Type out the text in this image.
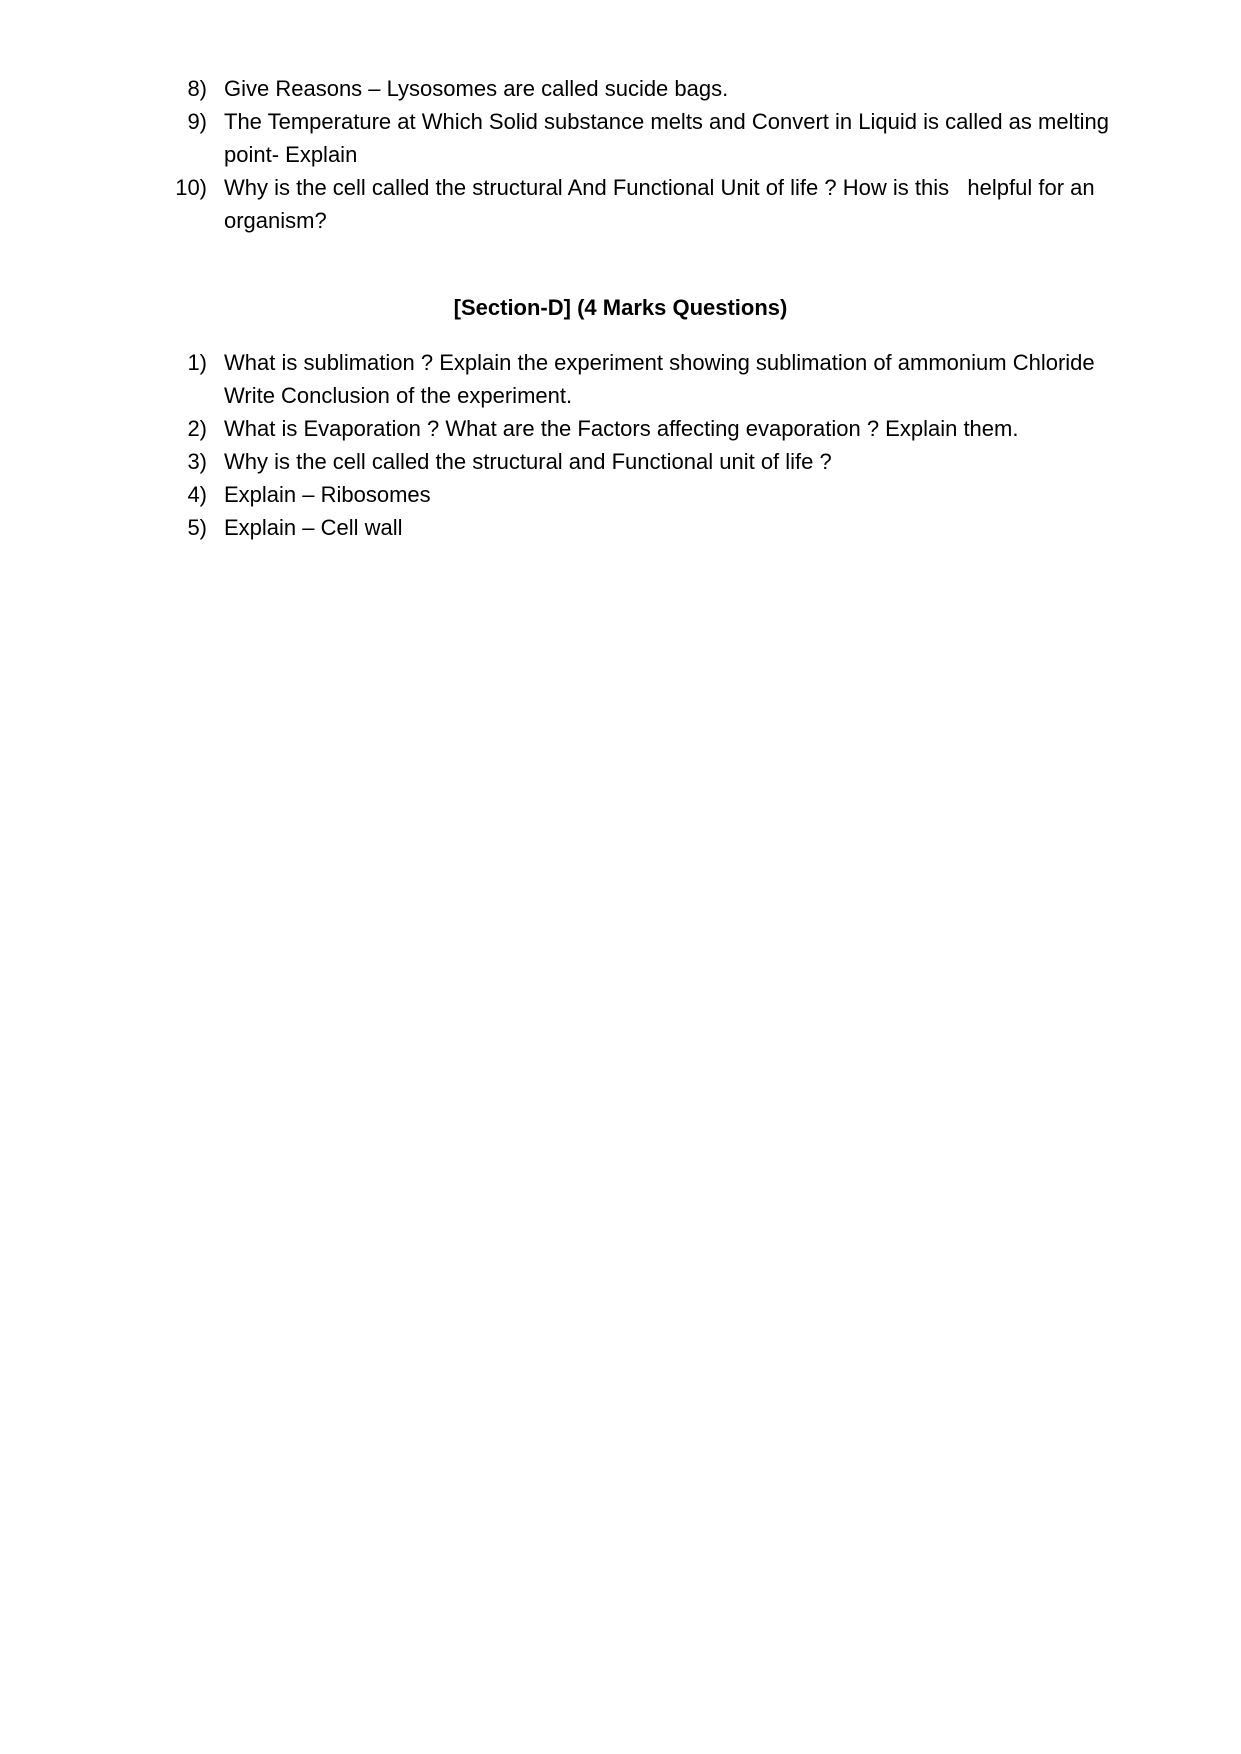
8) Give Reasons – Lysosomes are called sucide bags.
9) The Temperature at Which Solid substance melts and Convert in Liquid is called as melting point- Explain
10) Why is the cell called the structural And Functional Unit of life ? How is this   helpful for an organism?
[Section-D] (4 Marks Questions)
1) What is sublimation ? Explain the experiment showing sublimation of ammonium Chloride Write Conclusion of the experiment.
2) What is Evaporation ? What are the Factors affecting evaporation ? Explain them.
3) Why is the cell called the structural and Functional unit of life ?
4) Explain – Ribosomes
5) Explain – Cell wall
